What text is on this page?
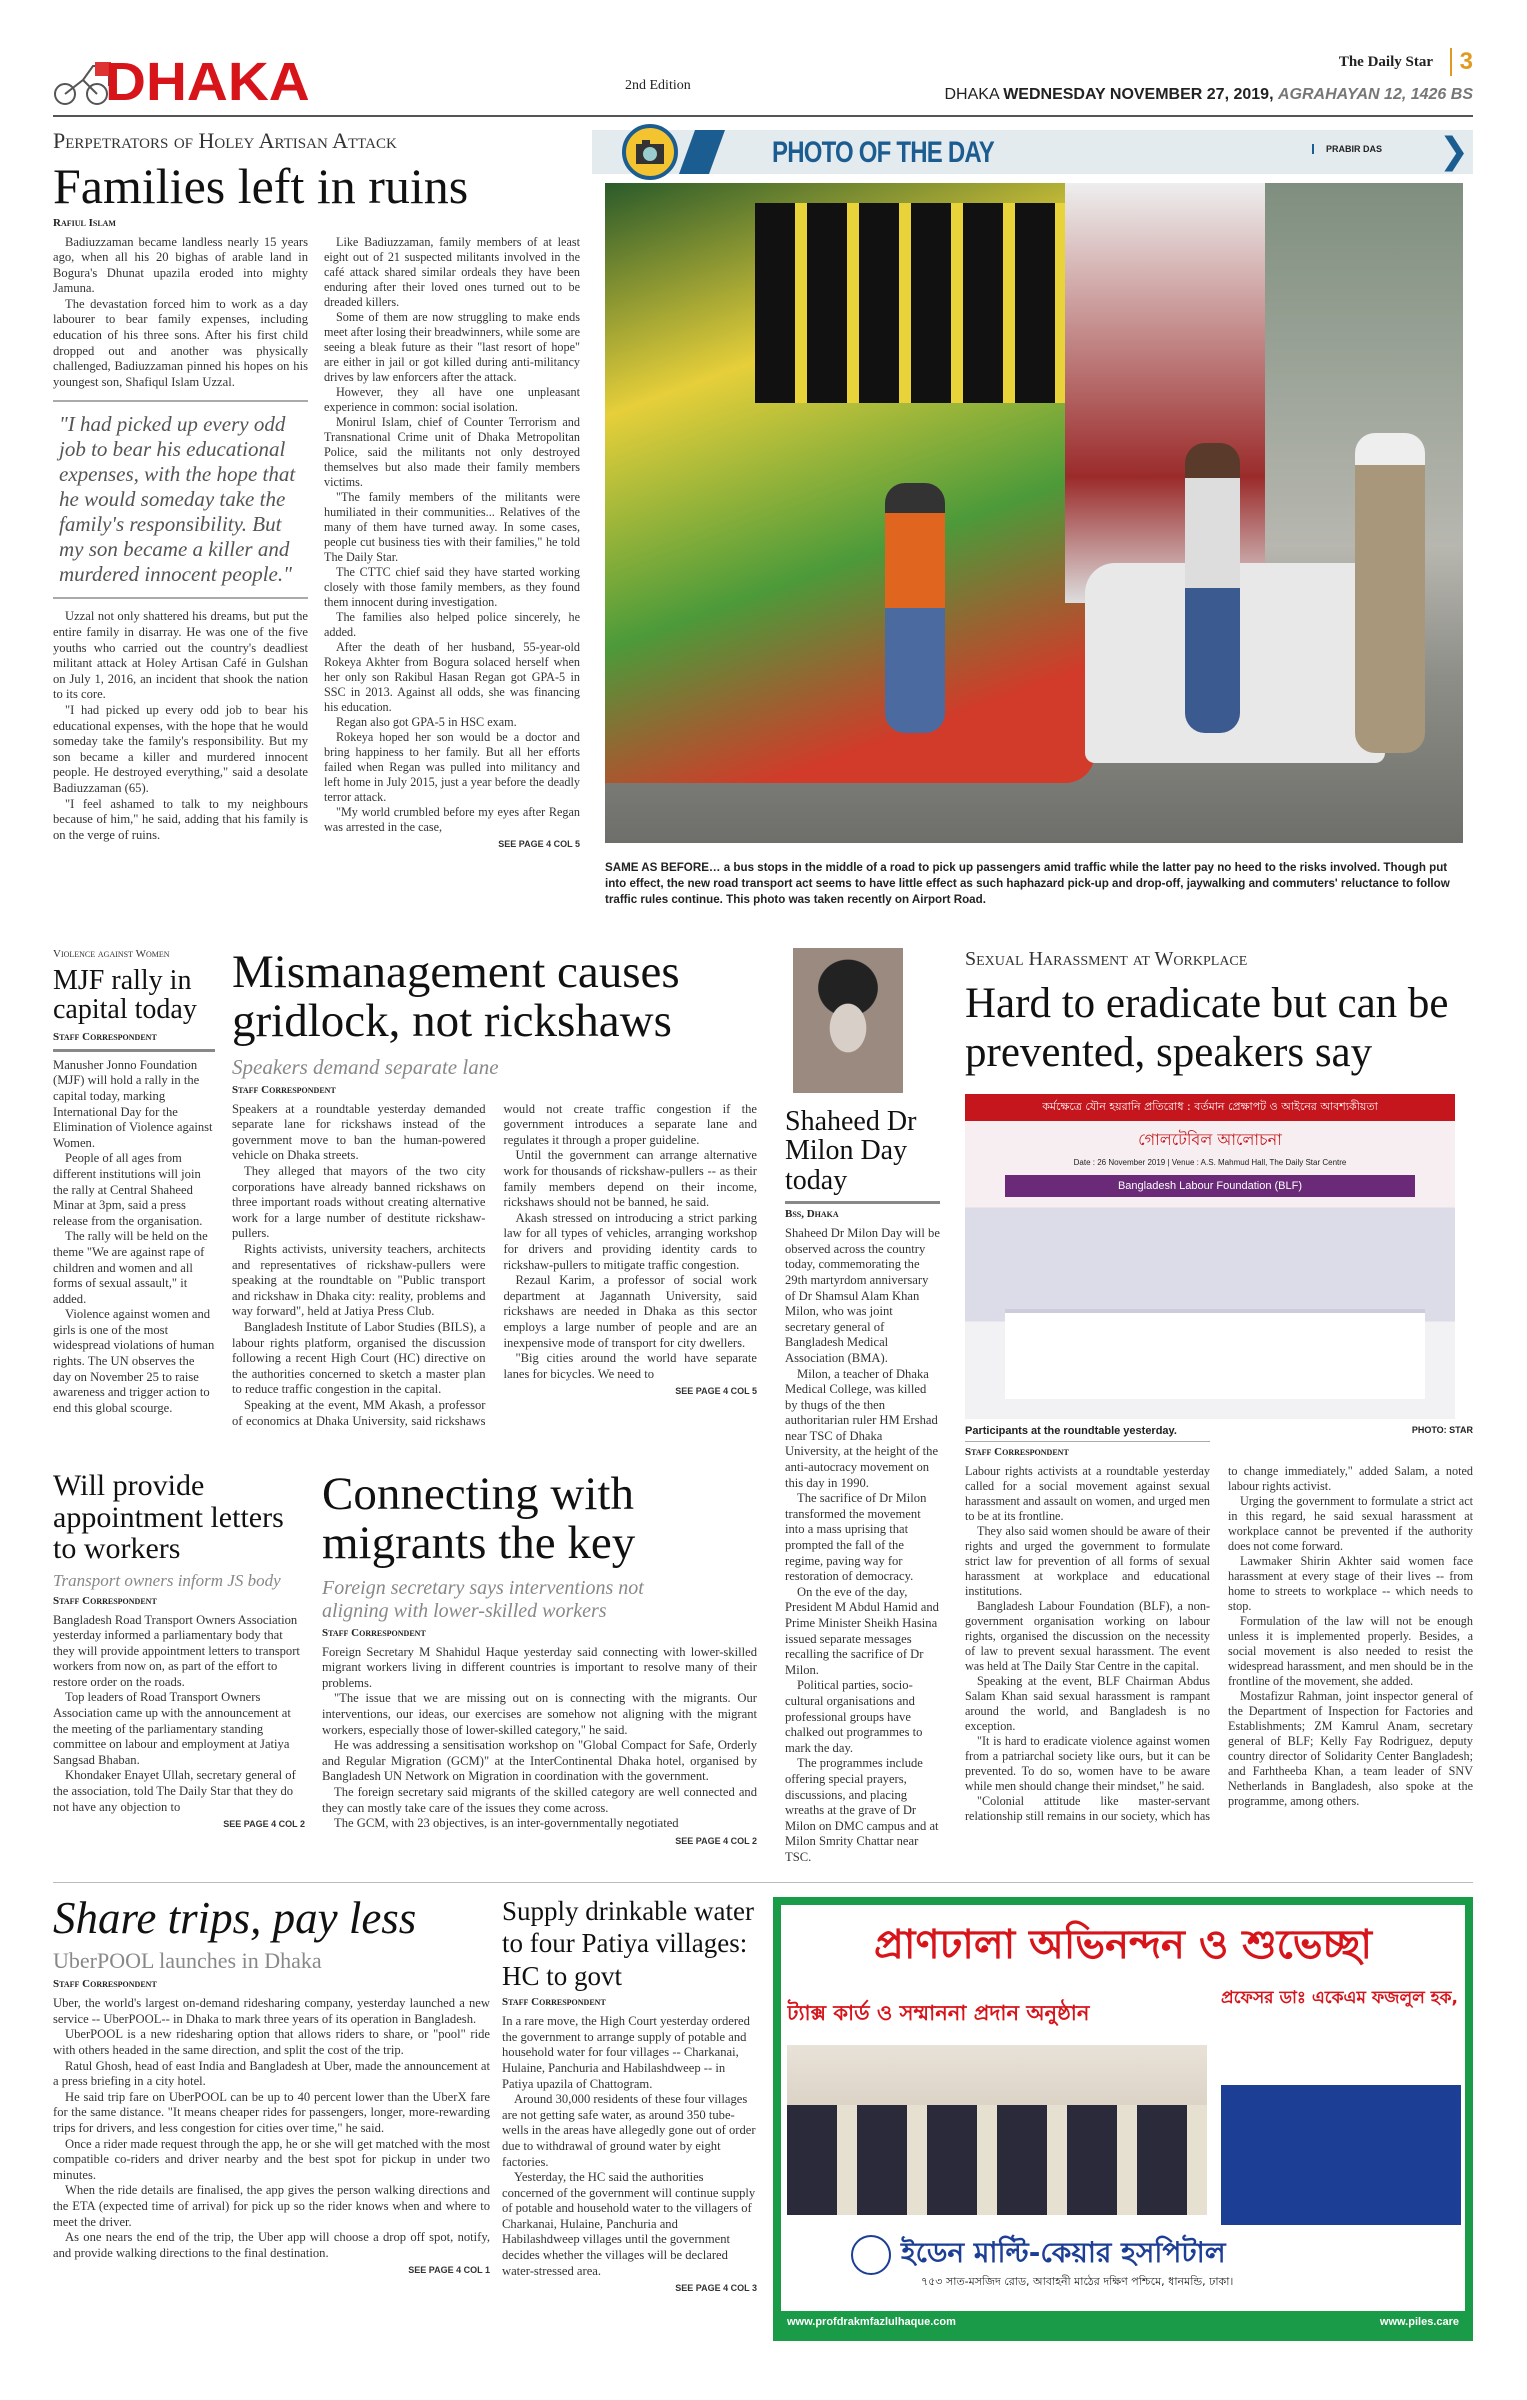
DHAKA	2nd Edition
The Daily Star	3
DHAKA WEDNESDAY NOVEMBER 27, 2019, AGRAHAYAN 12, 1426 BS
Perpetrators of Holey Artisan Attack
Families left in ruins
Rafiul Islam

Badiuzzaman became landless nearly 15 years ago, when all his 20 bighas of arable land in Bogura's Dhunat upazila eroded into mighty Jamuna.

The devastation forced him to work as a day labourer to bear family expenses, including education of his three sons. After his first child dropped out and another was physically challenged, Badiuzzaman pinned his hopes on his youngest son, Shafiqul Islam Uzzal.

"I had picked up every odd job to bear his educational expenses, with the hope that he would someday take the family's responsibility. But my son became a killer and murdered innocent people."

Uzzal not only shattered his dreams, but put the entire family in disarray. He was one of the five youths who carried out the country's deadliest militant attack at Holey Artisan Café in Gulshan on July 1, 2016, an incident that shook the nation to its core.

"I had picked up every odd job to bear his educational expenses, with the hope that he would someday take the family's responsibility. But my son became a killer and murdered innocent people. He destroyed everything," said a desolate Badiuzzaman (65).

"I feel ashamed to talk to my neighbours because of him," he said, adding that his family is on the verge of ruins.

Like Badiuzzaman, family members of at least eight out of 21 suspected militants involved in the café attack shared similar ordeals they have been enduring after their loved ones turned out to be dreaded killers.

Some of them are now struggling to make ends meet after losing their breadwinners, while some are seeing a bleak future as their "last resort of hope" are either in jail or got killed during anti-militancy drives by law enforcers after the attack.

However, they all have one unpleasant experience in common: social isolation.

Monirul Islam, chief of Counter Terrorism and Transnational Crime unit of Dhaka Metropolitan Police, said the militants not only destroyed themselves but also made their family members victims.

"The family members of the militants were humiliated in their communities... Relatives of the many of them have turned away. In some cases, people cut business ties with their families," he told The Daily Star.

The CTTC chief said they have started working closely with those family members, as they found them innocent during investigation.

The families also helped police sincerely, he added.

After the death of her husband, 55-year-old Rokeya Akhter from Bogura solaced herself when her only son Rakibul Hasan Regan got GPA-5 in SSC in 2013. Against all odds, she was financing his education.

Regan also got GPA-5 in HSC exam.

Rokeya hoped her son would be a doctor and bring happiness to her family. But all her efforts failed when Regan was pulled into militancy and left home in July 2015, just a year before the deadly terror attack.

"My world crumbled before my eyes after Regan was arrested in the case,

SEE PAGE 4 COL 5
PHOTO OF THE DAY	PRABIR DAS ❯
SAME AS BEFORE… a bus stops in the middle of a road to pick up passengers amid traffic while the latter pay no heed to the risks involved. Though put into effect, the new road transport act seems to have little effect as such haphazard pick-up and drop-off, jaywalking and commuters' reluctance to follow traffic rules continue. This photo was taken recently on Airport Road.
Violence against Women
MJF rally in capital today
Staff Correspondent

Manusher Jonno Foundation (MJF) will hold a rally in the capital today, marking International Day for the Elimination of Violence against Women.

People of all ages from different institutions will join the rally at Central Shaheed Minar at 3pm, said a press release from the organisation.

The rally will be held on the theme "We are against rape of children and women and all forms of sexual assault," it added.

Violence against women and girls is one of the most widespread violations of human rights. The UN observes the day on November 25 to raise awareness and trigger action to end this global scourge.

Mismanagement causes gridlock, not rickshaws
Speakers demand separate lane
Staff Correspondent

Speakers at a roundtable yesterday demanded separate lane for rickshaws instead of the government move to ban the human-powered vehicle on Dhaka streets.

They alleged that mayors of the two city corporations have already banned rickshaws on three important roads without creating alternative work for a large number of destitute rickshaw-pullers.

Rights activists, university teachers, architects and representatives of rickshaw-pullers were speaking at the roundtable on "Public transport and rickshaw in Dhaka city: reality, problems and way forward", held at Jatiya Press Club.

Bangladesh Institute of Labor Studies (BILS), a labour rights platform, organised the discussion following a recent High Court (HC) directive on the authorities concerned to sketch a master plan to reduce traffic congestion in the capital.

Speaking at the event, MM Akash, a professor of economics at Dhaka University, said rickshaws would not create traffic congestion if the government introduces a separate lane and regulates it through a proper guideline.

Until the government can arrange alternative work for thousands of rickshaw-pullers -- as their family members depend on their income, rickshaws should not be banned, he said.

Akash stressed on introducing a strict parking law for all types of vehicles, arranging workshop for drivers and providing identity cards to rickshaw-pullers to mitigate traffic congestion.

Rezaul Karim, a professor of social work department at Jagannath University, said rickshaws are needed in Dhaka as this sector employs a large number of people and are an inexpensive mode of transport for city dwellers.

"Big cities around the world have separate lanes for bicycles. We need to

SEE PAGE 4 COL 5
Shaheed Dr Milon Day today
Bss, Dhaka

Shaheed Dr Milon Day will be observed across the country today, commemorating the 29th martyrdom anniversary of Dr Shamsul Alam Khan Milon, who was joint secretary general of Bangladesh Medical Association (BMA).

Milon, a teacher of Dhaka Medical College, was killed by thugs of the then authoritarian ruler HM Ershad near TSC of Dhaka University, at the height of the anti-autocracy movement on this day in 1990.

The sacrifice of Dr Milon transformed the movement into a mass uprising that prompted the fall of the regime, paving way for restoration of democracy.

On the eve of the day, President M Abdul Hamid and Prime Minister Sheikh Hasina issued separate messages recalling the sacrifice of Dr Milon.

Political parties, socio-cultural organisations and professional groups have chalked out programmes to mark the day.

The programmes include offering special prayers, discussions, and placing wreaths at the grave of Dr Milon on DMC campus and at Milon Smrity Chattar near TSC.

Sexual Harassment at Workplace
Hard to eradicate but can be prevented, speakers say
কর্মক্ষেত্রে যৌন হয়রানি প্রতিরোধ : বর্তমান প্রেক্ষাপট ও আইনের আবশ্যকীয়তা
গোলটেবিল আলোচনা
Date : 26 November 2019 | Venue : A.S. Mahmud Hall, The Daily Star Centre
Bangladesh Labour Foundation (BLF)
Participants at the roundtable yesterday.	PHOTO: STAR
Staff Correspondent

Labour rights activists at a roundtable yesterday called for a social movement against sexual harassment and assault on women, and urged men to be at its frontline.

They also said women should be aware of their rights and urged the government to formulate strict law for prevention of all forms of sexual harassment at workplace and educational institutions.

Bangladesh Labour Foundation (BLF), a non-government organisation working on labour rights, organised the discussion on the necessity of law to prevent sexual harassment. The event was held at The Daily Star Centre in the capital.

Speaking at the event, BLF Chairman Abdus Salam Khan said sexual harassment is rampant around the world, and Bangladesh is no exception.

"It is hard to eradicate violence against women from a patriarchal society like ours, but it can be prevented. To do so, women have to be aware while men should change their mindset," he said.

"Colonial attitude like master-servant relationship still remains in our society, which has to change immediately," added Salam, a noted labour rights activist.

Urging the government to formulate a strict act in this regard, he said sexual harassment at workplace cannot be prevented if the authority does not come forward.

Lawmaker Shirin Akhter said women face harassment at every stage of their lives -- from home to streets to workplace -- which needs to stop.

Formulation of the law will not be enough unless it is implemented properly. Besides, a social movement is also needed to resist the widespread harassment, and men should be in the frontline of the movement, she added.

Mostafizur Rahman, joint inspector general of the Department of Inspection for Factories and Establishments; ZM Kamrul Anam, secretary general of BLF; Kelly Fay Rodriguez, deputy country director of Solidarity Center Bangladesh; and Farhtheeba Khan, a team leader of SNV Netherlands in Bangladesh, also spoke at the programme, among others.

Will provide appointment letters to workers
Transport owners inform JS body
Staff Correspondent

Bangladesh Road Transport Owners Association yesterday informed a parliamentary body that they will provide appointment letters to transport workers from now on, as part of the effort to restore order on the roads.

Top leaders of Road Transport Owners Association came up with the announcement at the meeting of the parliamentary standing committee on labour and employment at Jatiya Sangsad Bhaban.

Khondaker Enayet Ullah, secretary general of the association, told The Daily Star that they do not have any objection to

SEE PAGE 4 COL 2
Connecting with migrants the key
Foreign secretary says interventions not aligning with lower-skilled workers
Staff Correspondent

Foreign Secretary M Shahidul Haque yesterday said connecting with lower-skilled migrant workers living in different countries is important to resolve many of their problems.

"The issue that we are missing out on is connecting with the migrants. Our interventions, our ideas, our exercises are somehow not aligning with the migrant workers, especially those of lower-skilled category," he said.

He was addressing a sensitisation workshop on "Global Compact for Safe, Orderly and Regular Migration (GCM)" at the InterContinental Dhaka hotel, organised by Bangladesh UN Network on Migration in coordination with the government.

The foreign secretary said migrants of the skilled category are well connected and they can mostly take care of the issues they come across.

The GCM, with 23 objectives, is an inter-governmentally negotiated

SEE PAGE 4 COL 2
Share trips, pay less
UberPOOL launches in Dhaka
Staff Correspondent

Uber, the world's largest on-demand ridesharing company, yesterday launched a new service -- UberPOOL-- in Dhaka to mark three years of its operation in Bangladesh.

UberPOOL is a new ridesharing option that allows riders to share, or "pool" ride with others headed in the same direction, and split the cost of the trip.

Ratul Ghosh, head of east India and Bangladesh at Uber, made the announcement at a press briefing in a city hotel.

He said trip fare on UberPOOL can be up to 40 percent lower than the UberX fare for the same distance. "It means cheaper rides for passengers, longer, more-rewarding trips for drivers, and less congestion for cities over time," he said.

Once a rider made request through the app, he or she will get matched with the most compatible co-riders and driver nearby and the best spot for pickup in under two minutes.

When the ride details are finalised, the app gives the person walking directions and the ETA (expected time of arrival) for pick up so the rider knows when and where to meet the driver.

As one nears the end of the trip, the Uber app will choose a drop off spot, notify, and provide walking directions to the final destination.

SEE PAGE 4 COL 1
Supply drinkable water to four Patiya villages: HC to govt
Staff Correspondent

In a rare move, the High Court yesterday ordered the government to arrange supply of potable and household water for four villages -- Charkanai, Hulaine, Panchuria and Habilashdweep -- in Patiya upazila of Chattogram.

Around 30,000 residents of these four villages are not getting safe water, as around 350 tube-wells in the areas have allegedly gone out of order due to withdrawal of ground water by eight factories.

Yesterday, the HC said the authorities concerned of the government will continue supply of potable and household water to the villagers of Charkanai, Hulaine, Panchuria and Habilashdweep villages until the government decides whether the villages will be declared water-stressed area.

SEE PAGE 4 COL 3
প্রাণঢালা অভিনন্দন ও শুভেচ্ছা
ট্যাক্স কার্ড ও সম্মাননা প্রদান অনুষ্ঠান
প্রফেসর ডাঃ একেএম ফজলুল হক,
ইডেন মাল্টি-কেয়ার হসপিটাল
৭৫৩ সাত-মসজিদ রোড, আবাহনী মাঠের দক্ষিণ পশ্চিমে, ধানমন্ডি, ঢাকা।
www.profdrakmfazlulhaque.com	www.piles.care
